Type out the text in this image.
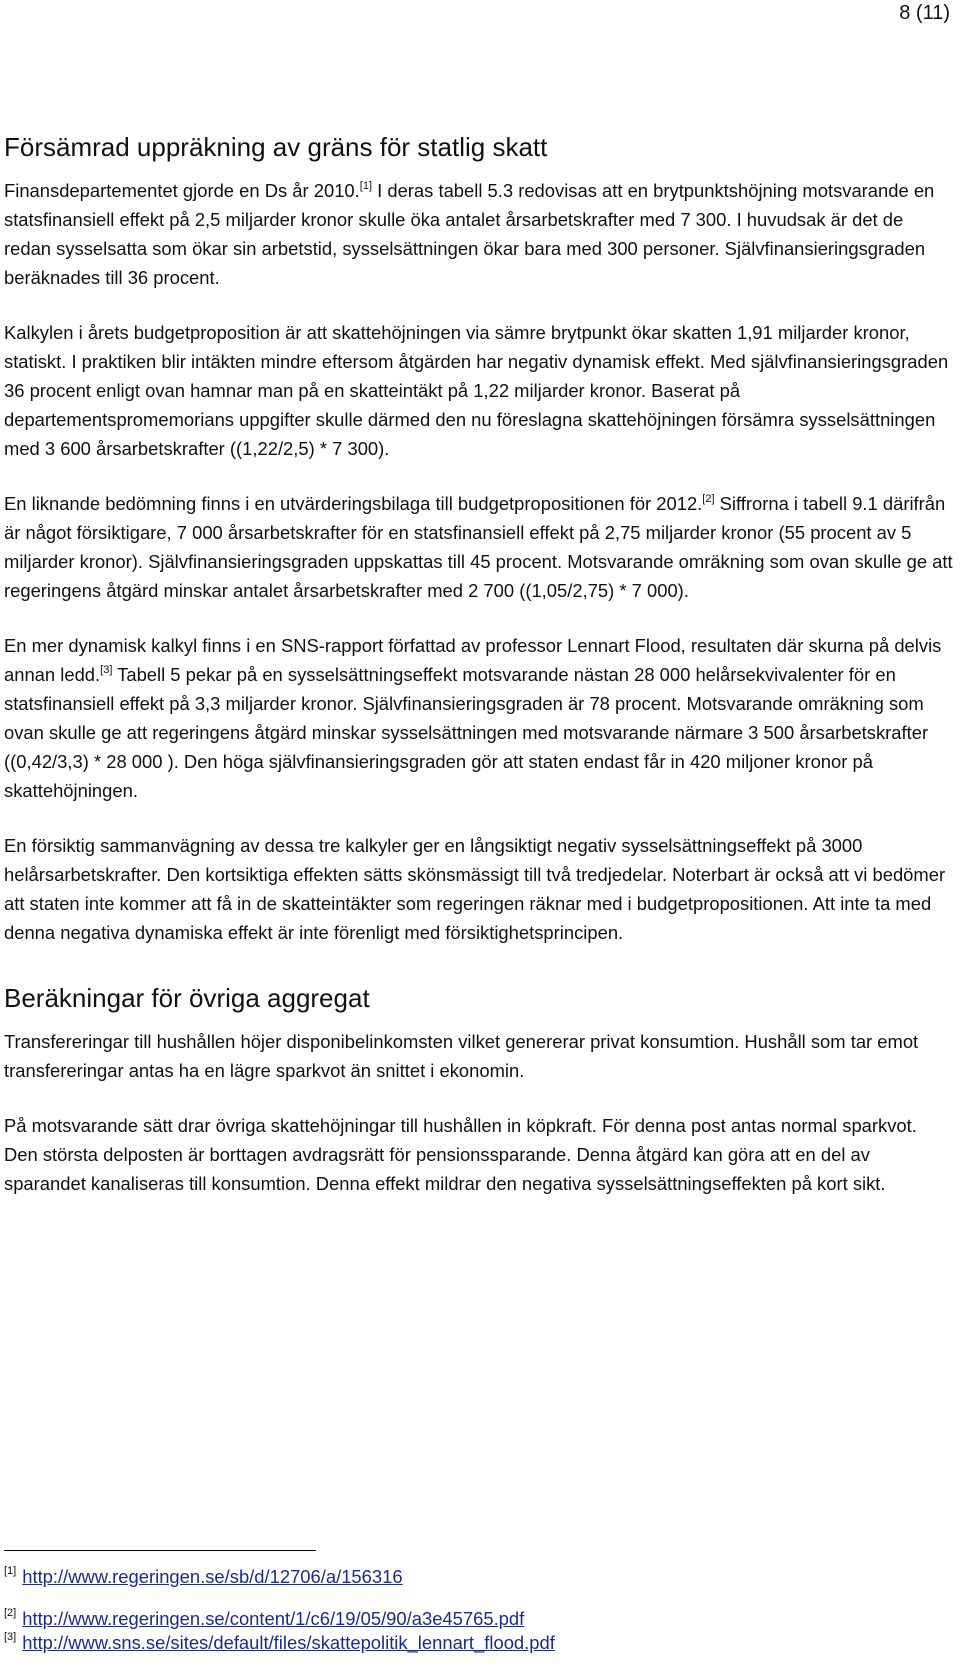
8 (11)
Försämrad uppräkning av gräns för statlig skatt

Finansdepartementet gjorde en Ds år 2010.[1] I deras tabell 5.3 redovisas att en brytpunktshöjning motsvarande en statsfinansiell effekt på 2,5 miljarder kronor skulle öka antalet årsarbetskrafter med 7 300. I huvudsak är det de redan sysselsatta som ökar sin arbetstid, sysselsättningen ökar bara med 300 personer. Självfinansieringsgraden beräknades till 36 procent.

Kalkylen i årets budgetproposition är att skattehöjningen via sämre brytpunkt ökar skatten 1,91 miljarder kronor, statiskt. I praktiken blir intäkten mindre eftersom åtgärden har negativ dynamisk effekt. Med självfinansieringsgraden 36 procent enligt ovan hamnar man på en skatteintäkt på 1,22 miljarder kronor. Baserat på departementspromemorians uppgifter skulle därmed den nu föreslagna skattehöjningen försämra sysselsättningen med 3 600 årsarbetskrafter ((1,22/2,5) * 7 300).

En liknande bedömning finns i en utvärderingsbilaga till budgetpropositionen för 2012.[2] Siffrorna i tabell 9.1 därifrån är något försiktigare, 7 000 årsarbetskrafter för en statsfinansiell effekt på 2,75 miljarder kronor (55 procent av 5 miljarder kronor). Självfinansieringsgraden uppskattas till 45 procent. Motsvarande omräkning som ovan skulle ge att regeringens åtgärd minskar antalet årsarbetskrafter med 2 700 ((1,05/2,75) * 7 000).

En mer dynamisk kalkyl finns i en SNS-rapport författad av professor Lennart Flood, resultaten där skurna på delvis annan ledd.[3] Tabell 5 pekar på en sysselsättningseffekt motsvarande nästan 28 000 helårsekvivalenter för en statsfinansiell effekt på 3,3 miljarder kronor. Självfinansieringsgraden är 78 procent. Motsvarande omräkning som ovan skulle ge att regeringens åtgärd minskar sysselsättningen med motsvarande närmare 3 500 årsarbetskrafter ((0,42/3,3) * 28 000 ). Den höga självfinansieringsgraden gör att staten endast får in 420 miljoner kronor på skattehöjningen.

En försiktig sammanvägning av dessa tre kalkyler ger en långsiktigt negativ sysselsättningseffekt på 3000 helårsarbetskrafter. Den kortsiktiga effekten sätts skönsmässigt till två tredjedelar. Noterbart är också att vi bedömer att staten inte kommer att få in de skatteintäkter som regeringen räknar med i budgetpropositionen. Att inte ta med denna negativa dynamiska effekt är inte förenligt med försiktighetsprincipen.

Beräkningar för övriga aggregat

Transfereringar till hushållen höjer disponibelinkomsten vilket genererar privat konsumtion. Hushåll som tar emot transfereringar antas ha en lägre sparkvot än snittet i ekonomin.

På motsvarande sätt drar övriga skattehöjningar till hushållen in köpkraft. För denna post antas normal sparkvot. Den största delposten är borttagen avdragsrätt för pensionssparande. Denna åtgärd kan göra att en del av sparandet kanaliseras till konsumtion. Denna effekt mildrar den negativa sysselsättningseffekten på kort sikt.

[1] http://www.regeringen.se/sb/d/12706/a/156316
[2] http://www.regeringen.se/content/1/c6/19/05/90/a3e45765.pdf
[3] http://www.sns.se/sites/default/files/skattepolitik_lennart_flood.pdf
